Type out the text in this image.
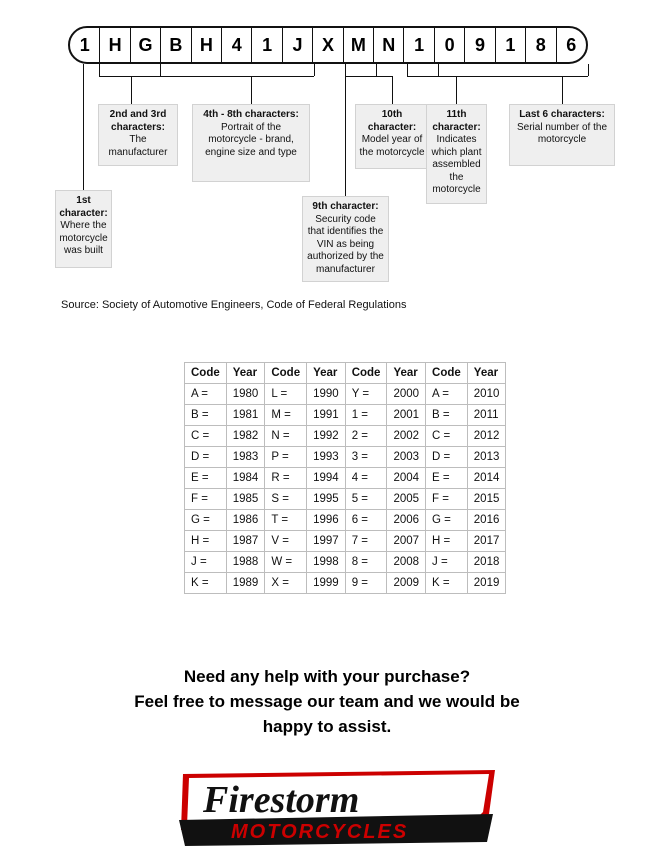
1	H G B H	4	1	J	X M N	1	0	9	1	8	6
1st character:
Where the motorcycle was built
2nd and 3rd characters:
The manufacturer
4th - 8th characters:
Portrait of the motorcycle - brand, engine size and type
9th character:
Security code that identifies the VIN as being authorized by the manufacturer
10th character:
Model year of the motorcycle
11th character:
Indicates which plant assembled the motorcycle
Last 6 characters:
Serial number of the motorcycle
Source: Society of Automotive Engineers, Code of Federal Regulations
Code	Year	Code	Year	Code	Year	Code	Year
A =	1980	L =	1990	Y =	2000	A =	2010
B =	1981	M =	1991	1 =	2001	B =	2011
C =	1982	N =	1992	2 =	2002	C =	2012
D =	1983	P =	1993	3 =	2003	D =	2013
E =	1984	R =	1994	4 =	2004	E =	2014
F =	1985	S =	1995	5 =	2005	F =	2015
G =	1986	T =	1996	6 =	2006	G =	2016
H =	1987	V =	1997	7 =	2007	H =	2017
J =	1988	W =	1998	8 =	2008	J =	2018
K =	1989	X =	1999	9 =	2009	K =	2019
Need any help with your purchase?
Feel free to message our team and we would be
happy to assist.
Firestorm
MOTORCYCLES
